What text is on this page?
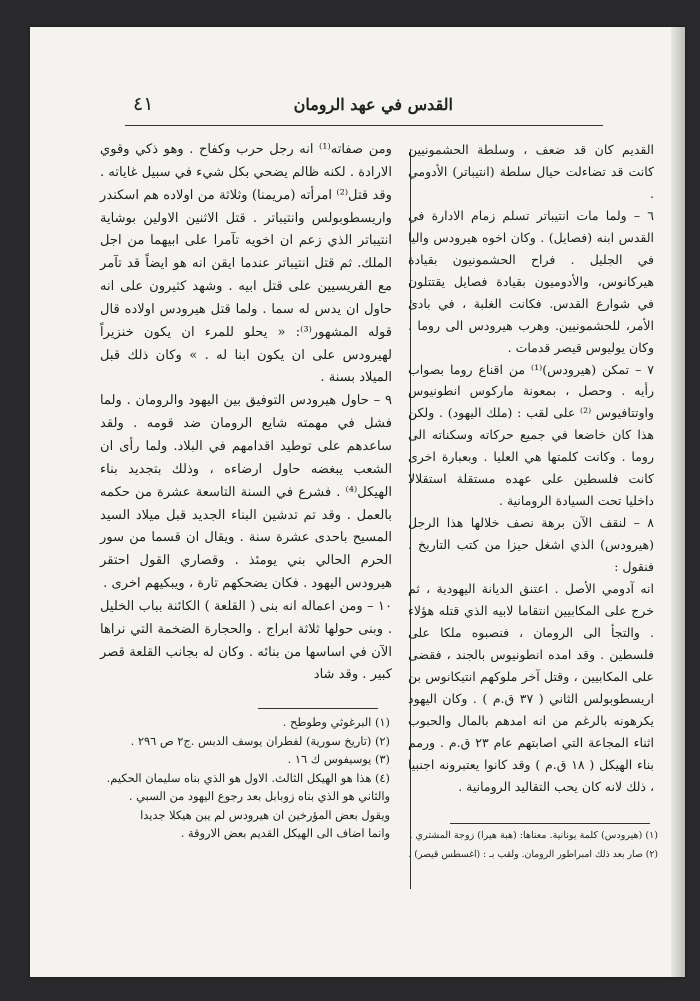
القدس في عهد الرومان
٤١

القديم كان قد ضعف ، وسلطة الحشمونيين كانت قد تضاءلت حيال سلطة (انتيباتر) الأدومي .

٦ – ولما مات انتيباتر تسلم زمام الادارة في القدس ابنه (فصايل) . وكان اخوه هيرودس واليا في الجليل . فراح الحشمونيون بقيادة هيركانوس، والأدوميون بقيادة فصايل يقتتلون في شوارع القدس. فكانت الغلبة ، في بادئ الأمر، للحشمونيين. وهرب هيرودس الى روما . وكان يوليوس قيصر قدمات .

٧ – تمكن (هيرودس)⁽¹⁾ من اقناع روما بصواب رأيه . وحصل ، بمعونة ماركوس انطونيوس واوتتافيوس ⁽²⁾ على لقب : (ملك اليهود) . ولكن هذا كان خاضعا في جميع حركاته وسكناته الى روما . وكانت كلمتها هي العليا . وبعبارة اخرى كانت فلسطين على عهده مستقلة استقلالا داخليا تحت السيادة الرومانية .

٨ – لنقف الآن برهة نصف خلالها هذا الرجل (هيرودس) الذي اشغل حيزا من كتب التاريخ . فنقول :

انه آدومي الأصل . اعتنق الديانة اليهودية ، ثم خرج على المكابيين انتقاما لابيه الذي قتله هؤلاء . والتجأ الى الرومان ، فنصبوه ملكا على فلسطين . وقد امده انطونيوس بالجند ، فقضى على المكابيين ، وقتل آخر ملوكهم انتيكانوس بن اريسطوبولس الثاني ( ٣٧ ق.م ) . وكان اليهود يكرهونه بالرغم من انه امدهم بالمال والحبوب اثناء المجاعة التي اصابتهم عام ٢٣ ق.م . ورمم بناء الهيكل ( ١٨ ق.م ) وقد كانوا يعتبرونه اجنبيا ، ذلك لانه كان يحب التقاليد الرومانية .

ومن صفاته⁽¹⁾ انه رجل حرب وكفاح . وهو ذكي وقوي الارادة . لكنه ظالم يضحي بكل شيء في سبيل غاياته . وقد قتل⁽²⁾ امرأته (مريمنا) وثلاثة من اولاده هم اسكندر واريسطوبولس وانتيباتر . قتل الاثنين الاولين بوشاية انتيباتر الذي زعم ان اخويه تآمرا على ابيهما من اجل الملك. ثم قتل انتيباتر عندما ايقن انه هو ايضاً قد تآمر مع الفريسيين على قتل ابيه . وشهد كثيرون على انه حاول ان يدس له سما . ولما قتل هيرودس اولاده قال قوله المشهور⁽³⁾: « يحلو للمرء ان يكون خنزيراً لهيرودس على ان يكون ابنا له . » وكان ذلك قبل الميلاد بسنة .

٩ – حاول هيرودس التوفيق بين اليهود والرومان . ولما فشل في مهمته شايع الرومان ضد قومه . ولقد ساعدهم على توطيد اقدامهم في البلاد. ولما رأى ان الشعب يبغضه حاول ارضاءه ، وذلك بتجديد بناء الهيكل⁽⁴⁾ . فشرع في السنة التاسعة عشرة من حكمه بالعمل . وقد تم تدشين البناء الجديد قبل ميلاد السيد المسيح باحدى عشرة سنة . ويقال ان قسما من سور الحرم الحالي بني يومئذ . وقصاري القول احتقر هيرودس اليهود . فكان يضحكهم تارة ، ويبكيهم اخرى .

١٠ – ومن اعماله انه بنى ( القلعة ) الكائنة بباب الخليل . وبنى حولها ثلاثة ابراج . والحجارة الضخمة التي نراها الآن في اساسها من بنائه . وكان له بجانب القلعة قصر كبير . وقد شاد

(١) البرغوثي وطوطح .
(٢) (تاريخ سورية) لفطران يوسف الدبس .ج٢ ص ٢٩٦ .
(٣) يوسيفوس ك ١٦ .
(٤) هذا هو الهيكل الثالث. الاول هو الذي بناه سليمان الحكيم.
والثاني هو الذي بناه زوبابل بعد رجوع اليهود من السبي .
ويقول بعض المؤرخين ان هيرودس لم يبن هيكلا جديدا
وانما اضاف الى الهيكل القديم بعض الاروقة . (١) (هيرودس) كلمة يونانية. معناها: (هبة هيرا) زوجة المشتري .
(٢) صار بعد ذلك امبراطور الرومان. ولقب بـ : (اغسطس قيصر) .
